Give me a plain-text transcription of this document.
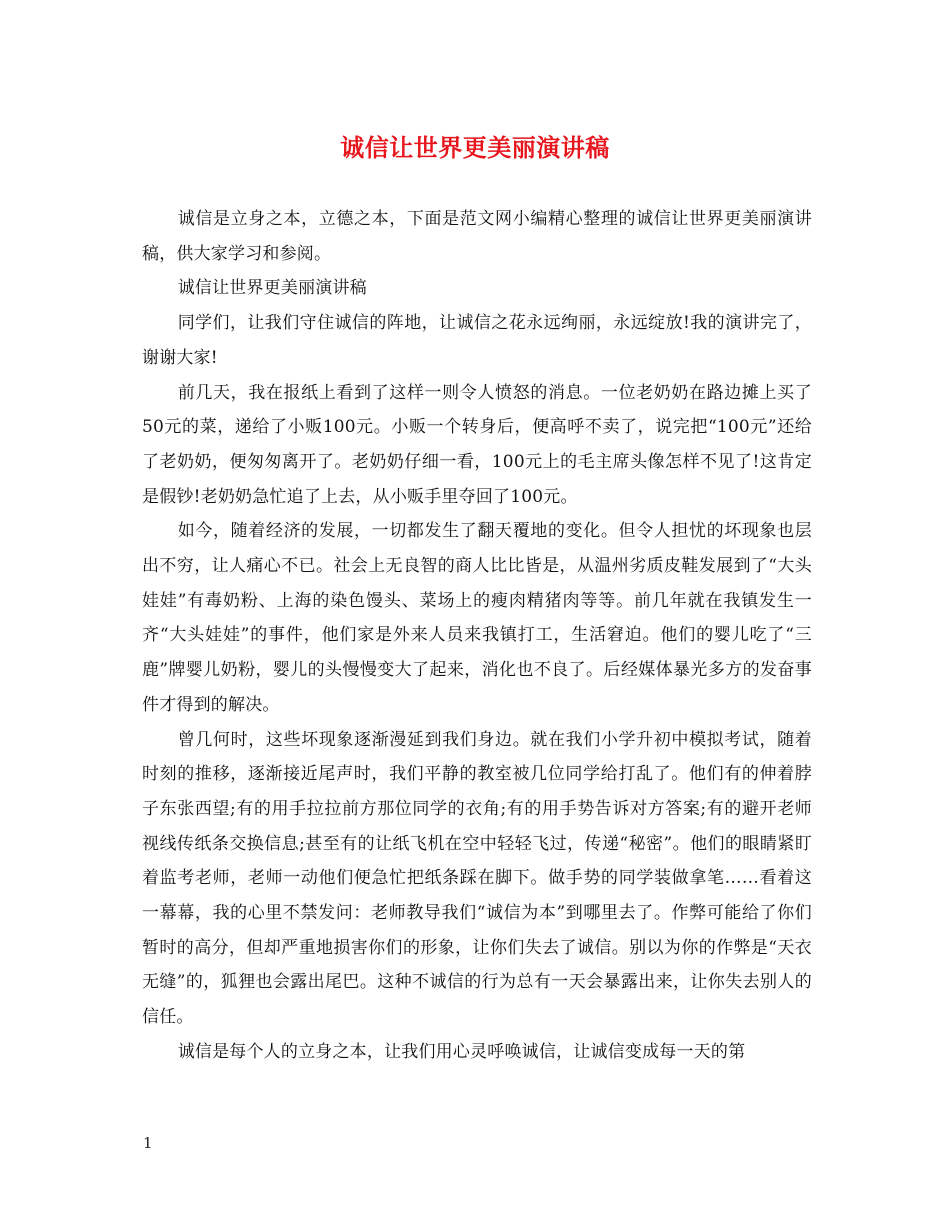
诚信让世界更美丽演讲稿

诚信是立身之本，立德之本，下面是范文网小编精心整理的诚信让世界更美丽演讲稿，供大家学习和参阅。

诚信让世界更美丽演讲稿

同学们，让我们守住诚信的阵地，让诚信之花永远绚丽，永远绽放!我的演讲完了，谢谢大家!

前几天，我在报纸上看到了这样一则令人愤怒的消息。一位老奶奶在路边摊上买了50元的菜，递给了小贩100元。小贩一个转身后，便高呼不卖了，说完把“100元”还给了老奶奶，便匆匆离开了。老奶奶仔细一看，100元上的毛主席头像怎样不见了!这肯定是假钞!老奶奶急忙追了上去，从小贩手里夺回了100元。

如今，随着经济的发展，一切都发生了翻天覆地的变化。但令人担忧的坏现象也层出不穷，让人痛心不已。社会上无良智的商人比比皆是，从温州劣质皮鞋发展到了“大头娃娃”有毒奶粉、上海的染色馒头、菜场上的瘦肉精猪肉等等。前几年就在我镇发生一齐“大头娃娃”的事件，他们家是外来人员来我镇打工，生活窘迫。他们的婴儿吃了“三鹿”牌婴儿奶粉，婴儿的头慢慢变大了起来，消化也不良了。后经媒体暴光多方的发奋事件才得到的解决。

曾几何时，这些坏现象逐渐漫延到我们身边。就在我们小学升初中模拟考试，随着时刻的推移，逐渐接近尾声时，我们平静的教室被几位同学给打乱了。他们有的伸着脖子东张西望;有的用手拉拉前方那位同学的衣角;有的用手势告诉对方答案;有的避开老师视线传纸条交换信息;甚至有的让纸飞机在空中轻轻飞过，传递“秘密”。他们的眼睛紧盯着监考老师，老师一动他们便急忙把纸条踩在脚下。做手势的同学装做拿笔……看着这一幕幕，我的心里不禁发问：老师教导我们“诚信为本”到哪里去了。作弊可能给了你们暂时的高分，但却严重地损害你们的形象，让你们失去了诚信。别以为你的作弊是“天衣无缝”的，狐狸也会露出尾巴。这种不诚信的行为总有一天会暴露出来，让你失去别人的信任。

诚信是每个人的立身之本，让我们用心灵呼唤诚信，让诚信变成每一天的第

1
